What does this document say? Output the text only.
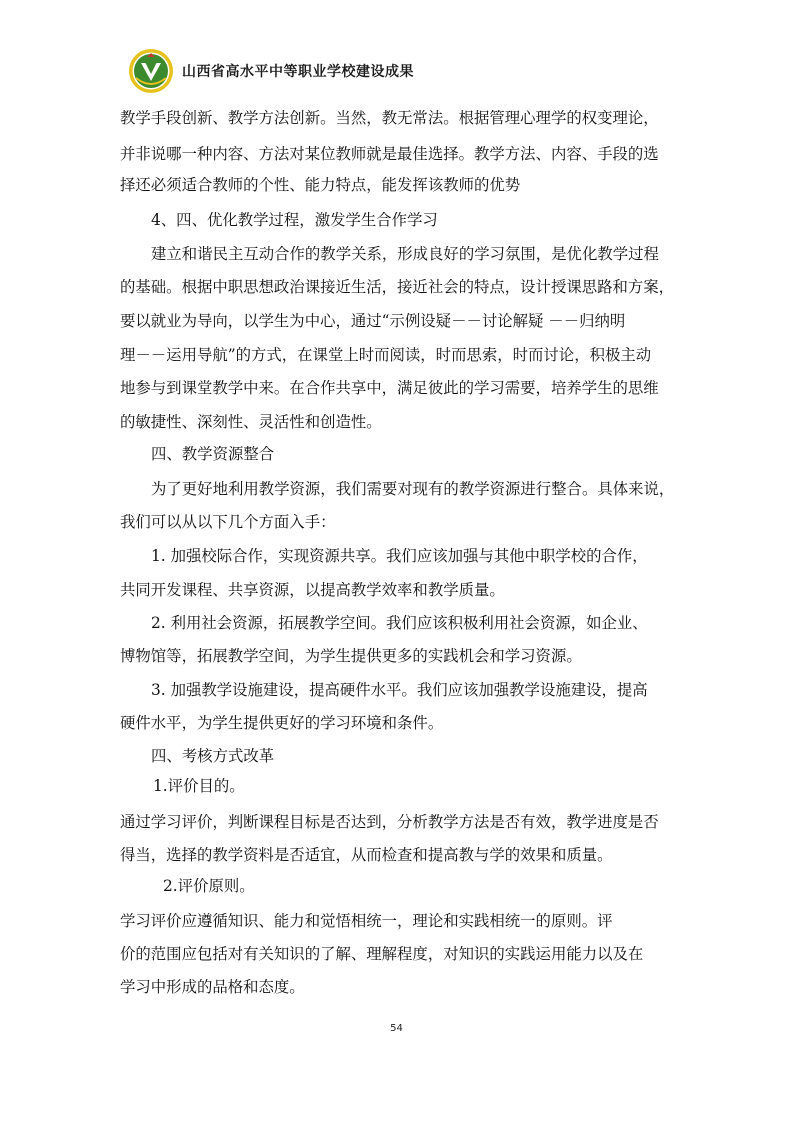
山西省高水平中等职业学校建设成果
教学手段创新、教学方法创新。当然，教无常法。根据管理心理学的权变理论，
并非说哪一种内容、方法对某位教师就是最佳选择。教学方法、内容、手段的选
择还必须适合教师的个性、能力特点，能发挥该教师的优势
4、四、优化教学过程，激发学生合作学习
建立和谐民主互动合作的教学关系，形成良好的学习氛围，是优化教学过程
的基础。根据中职思想政治课接近生活，接近社会的特点，设计授课思路和方案，
要以就业为导向，以学生为中心，通过“示例设疑－－讨论解疑 －－归纳明
理－－运用导航”的方式，在课堂上时而阅读，时而思索，时而讨论，积极主动
地参与到课堂教学中来。在合作共享中，满足彼此的学习需要，培养学生的思维
的敏捷性、深刻性、灵活性和创造性。
四、教学资源整合
为了更好地利用教学资源，我们需要对现有的教学资源进行整合。具体来说，
我们可以从以下几个方面入手：
1. 加强校际合作，实现资源共享。我们应该加强与其他中职学校的合作，
共同开发课程、共享资源，以提高教学效率和教学质量。
2. 利用社会资源，拓展教学空间。我们应该积极利用社会资源，如企业、
博物馆等，拓展教学空间，为学生提供更多的实践机会和学习资源。
3. 加强教学设施建设，提高硬件水平。我们应该加强教学设施建设，提高
硬件水平，为学生提供更好的学习环境和条件。
四、考核方式改革
1.评价目的。
通过学习评价，判断课程目标是否达到，分析教学方法是否有效，教学进度是否
得当，选择的教学资料是否适宜，从而检查和提高教与学的效果和质量。
2.评价原则。
学习评价应遵循知识、能力和觉悟相统一，理论和实践相统一的原则。评
价的范围应包括对有关知识的了解、理解程度，对知识的实践运用能力以及在
学习中形成的品格和态度。
54
